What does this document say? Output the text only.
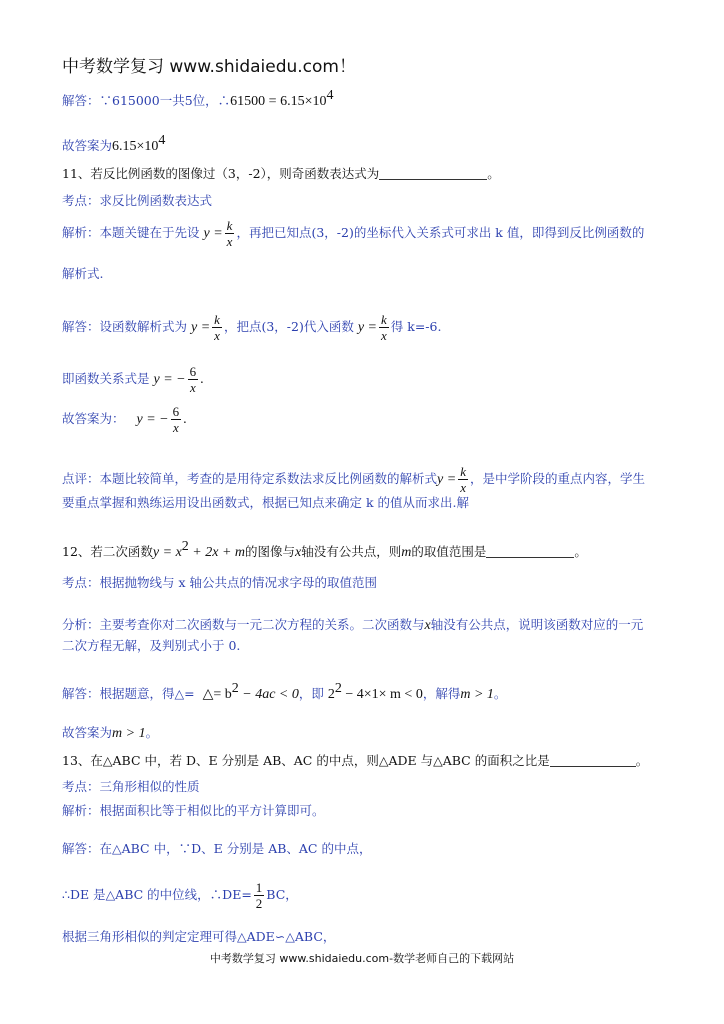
中考数学复习 www.shidaiedu.com！
解答：∵615000一共5位，∴61500 = $6.15\times 10^4$
故答案为$6.15\times 10^4$
11、若反比例函数的图像过（3，-2），则奇函数表达式为	。
考点：求反比例函数表达式
解析：本题关键在于先设 $y = \frac{k}{x}$ ，再把已知点(3，-2)的坐标代入关系式可求出 k 值，即得到反比例函数的
解析式.
解答：设函数解析式为 $y = \frac{k}{x}$ ，把点(3，-2)代入函数 $y = \frac{k}{x}$ 得 k=-6.
即函数关系式是 y = − $\frac{6}{x}$ .
故答案为： y = − $\frac{6}{x}$ .
点评：本题比较简单，考查的是用待定系数法求反比例函数的解析式$y = \frac{k}{x}$ ，是中学阶段的重点内容，学生
要重点掌握和熟练运用设出函数式，根据已知点来确定 k 的值从而求出.解
12、若二次函数$y = x^2 + 2x + m$的图像与x轴没有公共点，则m的取值范围是	。
考点：根据抛物线与 x 轴公共点的情况求字母的取值范围
分析：主要考查你对二次函数与一元二次方程的关系。二次函数与x轴没有公共点，说明该函数对应的一元
二次方程无解，及判别式小于 0.
解答：根据题意，得△= △= $b^2 - 4ac < 0$，即 $2^2 - 4\times 1\times m < 0$，解得m > 1。
故答案为m > 1。
13、在△ABC 中，若 D、E 分别是 AB、AC 的中点，则△ADE 与△ABC 的面积之比是	。
考点：三角形相似的性质
解析：根据面积比等于相似比的平方计算即可。
解答：在△ABC 中，∵D、E 分别是 AB、AC 的中点，
∴DE 是△ABC 的中位线，∴DE= $\frac{1}{2}$ BC，
根据三角形相似的判定定理可得△ADE∽△ABC，
中考数学复习 www.shidaiedu.com-数学老师自己的下载网站
